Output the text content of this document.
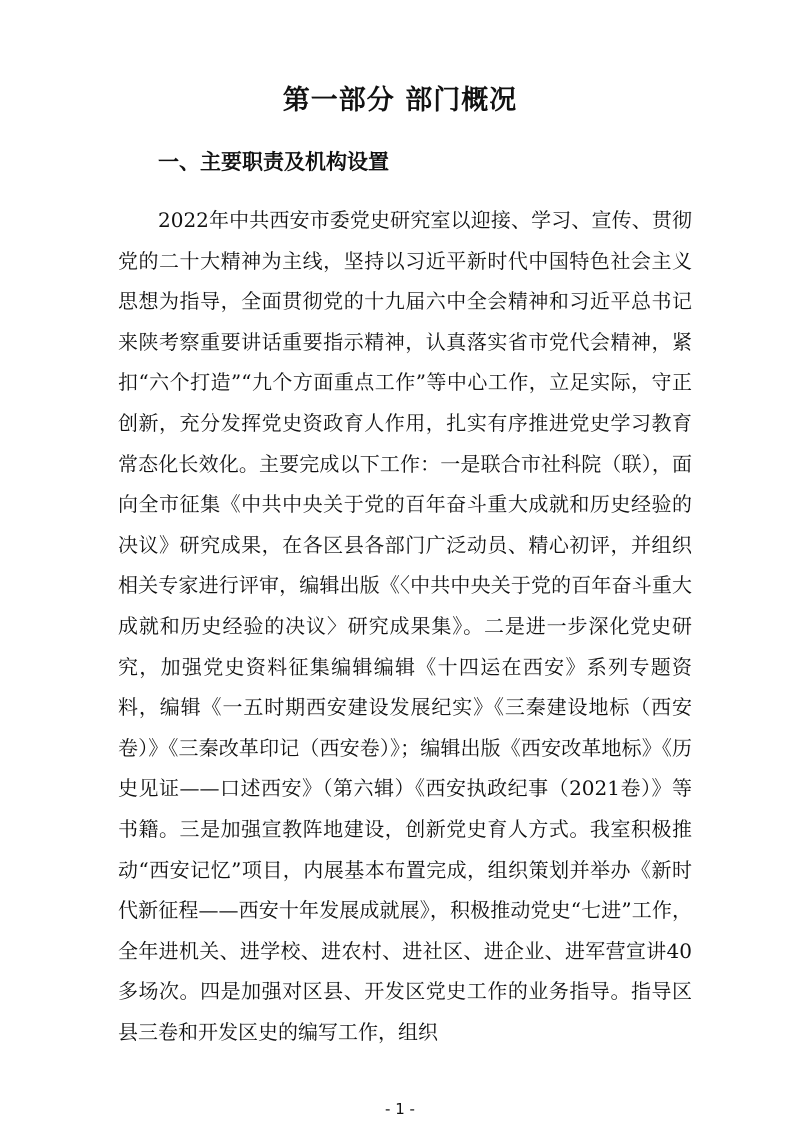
第一部分 部门概况
一、主要职责及机构设置

2022年中共西安市委党史研究室以迎接、学习、宣传、贯彻党的二十大精神为主线，坚持以习近平新时代中国特色社会主义思想为指导，全面贯彻党的十九届六中全会精神和习近平总书记来陕考察重要讲话重要指示精神，认真落实省市党代会精神，紧扣“六个打造”“九个方面重点工作”等中心工作，立足实际，守正创新，充分发挥党史资政育人作用，扎实有序推进党史学习教育常态化长效化。主要完成以下工作：一是联合市社科院（联），面向全市征集《中共中央关于党的百年奋斗重大成就和历史经验的决议》研究成果，在各区县各部门广泛动员、精心初评，并组织相关专家进行评审，编辑出版《〈中共中央关于党的百年奋斗重大成就和历史经验的决议〉研究成果集》。二是进一步深化党史研究，加强党史资料征集编辑编辑《十四运在西安》系列专题资料，编辑《一五时期西安建设发展纪实》《三秦建设地标（西安卷）》《三秦改革印记（西安卷）》；编辑出版《西安改革地标》《历史见证——口述西安》（第六辑）《西安执政纪事（2021卷）》等书籍。三是加强宣教阵地建设，创新党史育人方式。我室积极推动“西安记忆”项目，内展基本布置完成，组织策划并举办《新时代新征程——西安十年发展成就展》，积极推动党史“七进”工作，全年进机关、进学校、进农村、进社区、进企业、进军营宣讲40多场次。四是加强对区县、开发区党史工作的业务指导。指导区县三卷和开发区史的编写工作，组织

- 1 -
